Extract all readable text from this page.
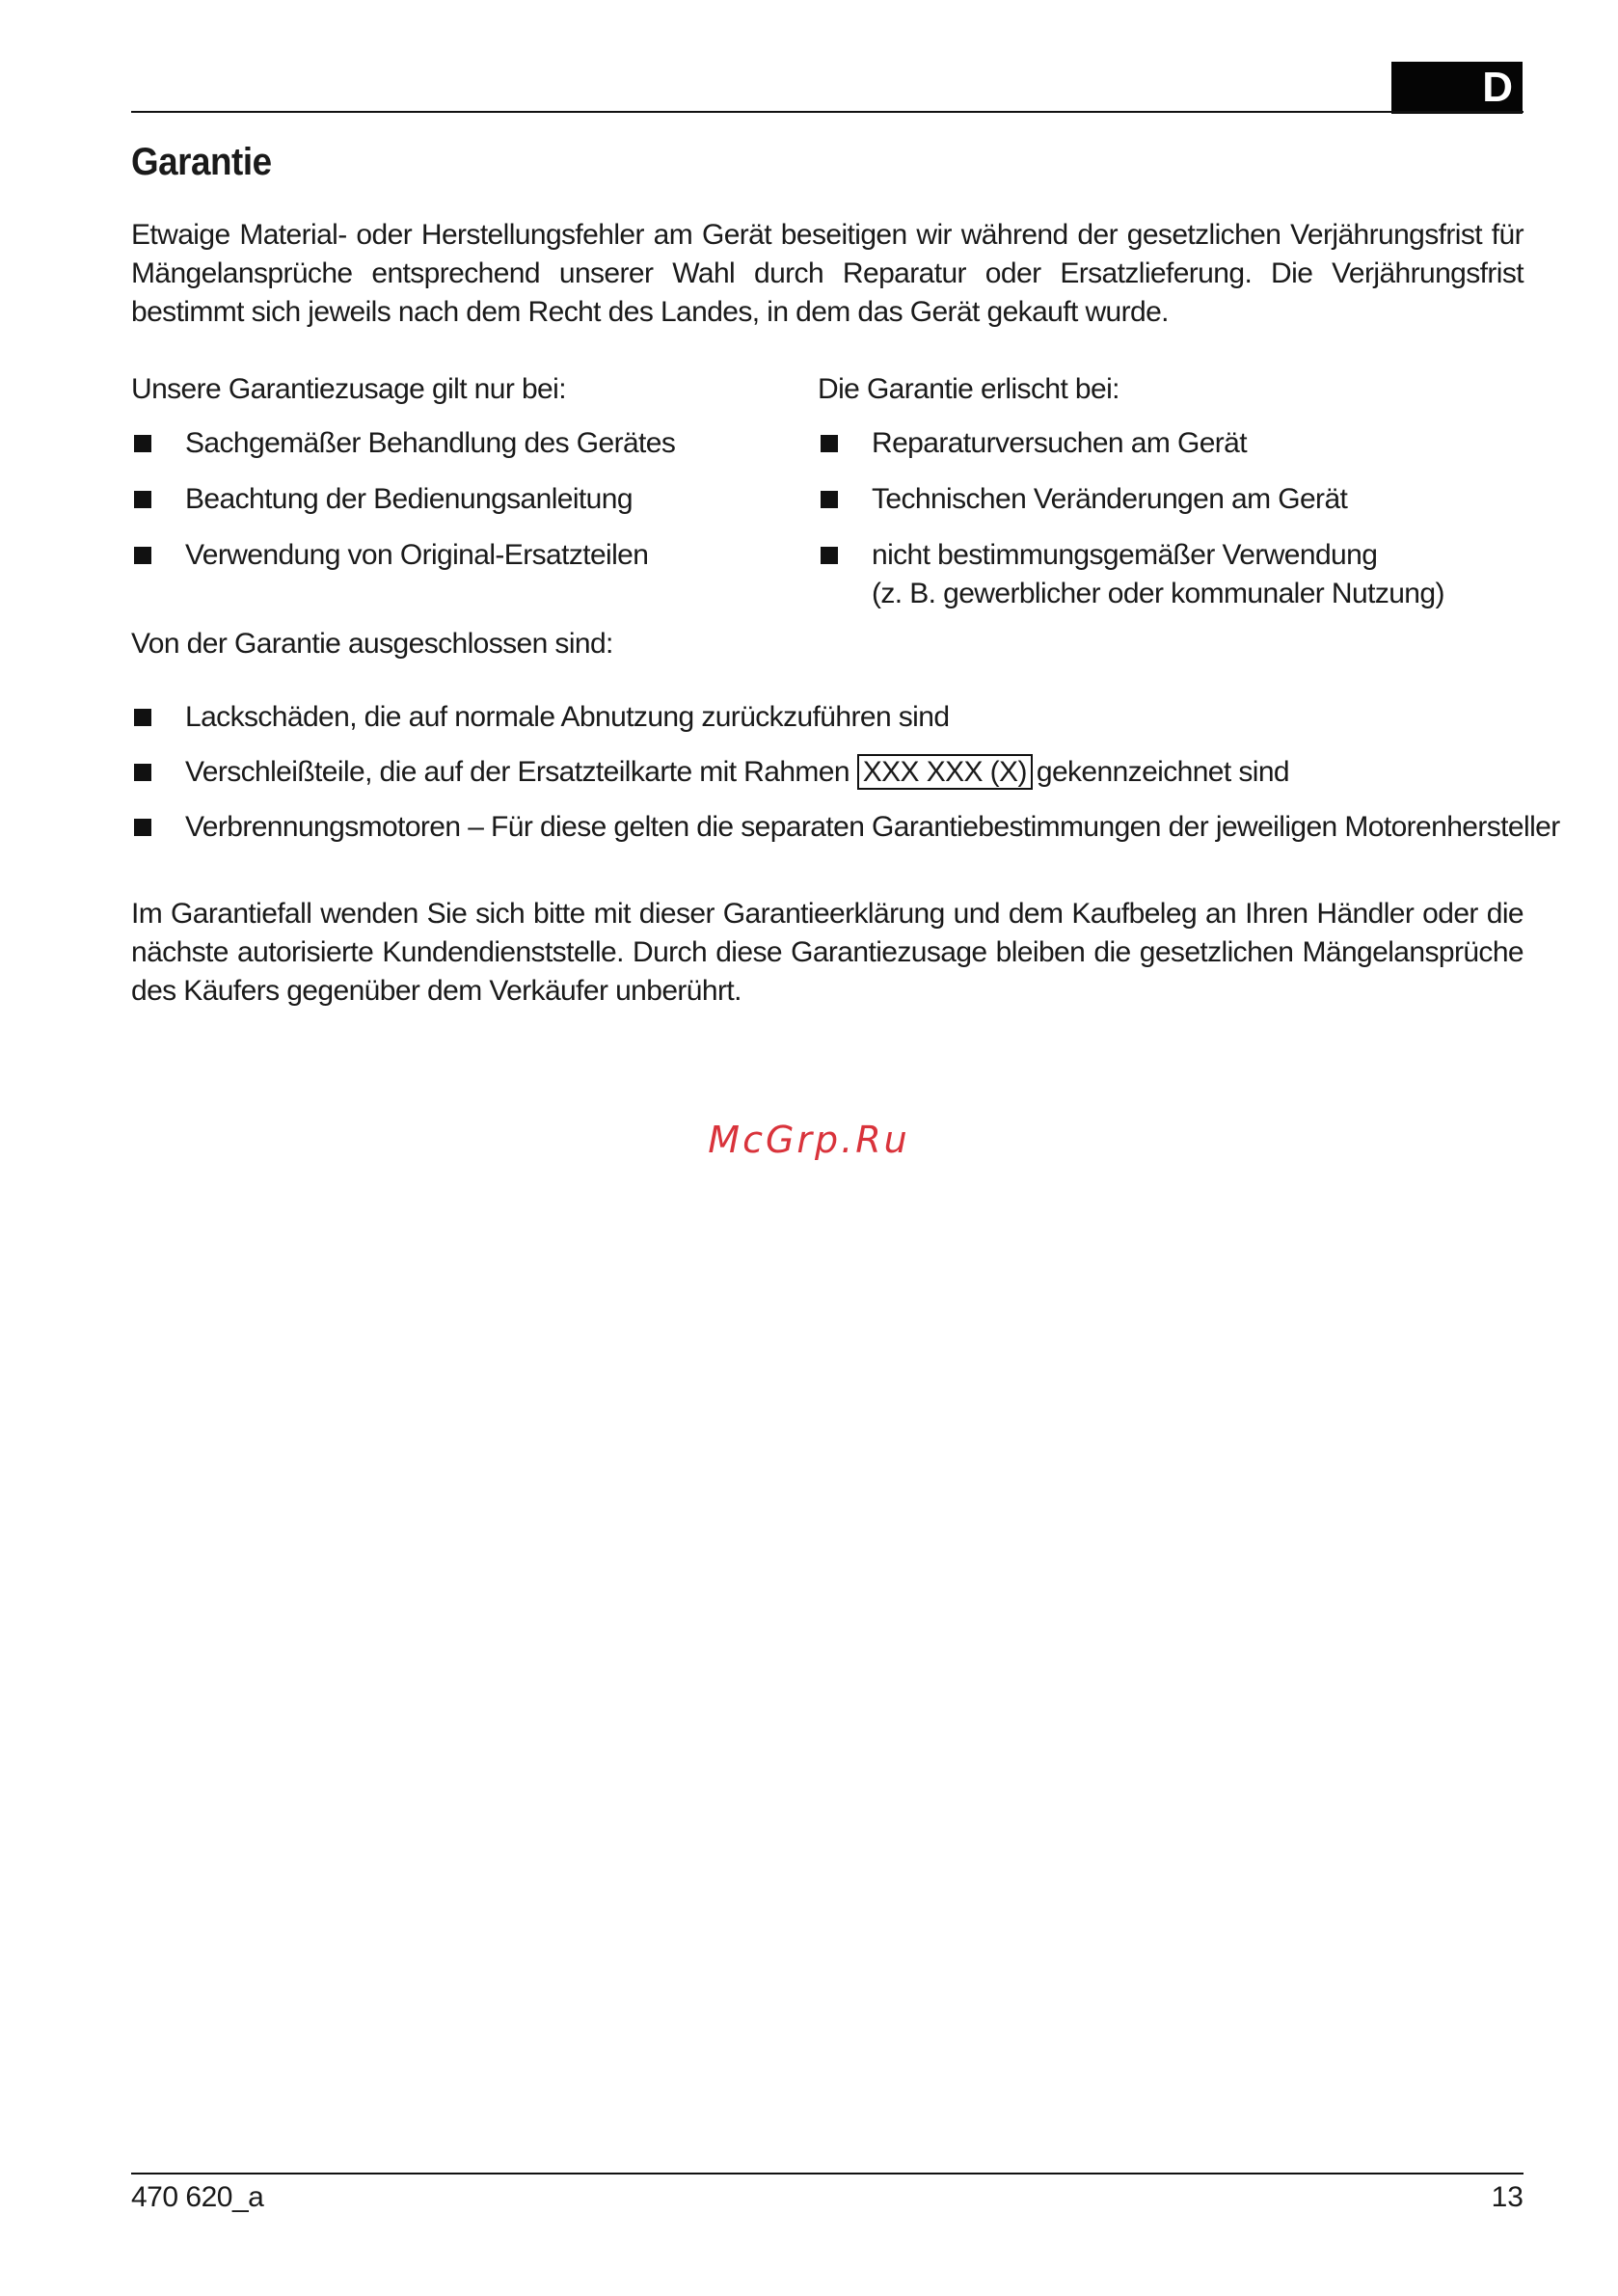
D
Garantie
Etwaige Material- oder Herstellungsfehler am Gerät beseitigen wir während der gesetzlichen Verjährungsfrist für Mängelansprüche entsprechend unserer Wahl durch Reparatur oder Ersatzlieferung. Die Verjährungsfrist bestimmt sich jeweils nach dem Recht des Landes, in dem das Gerät gekauft wurde.
Unsere Garantiezusage gilt nur bei:
Sachgemäßer Behandlung des Gerätes
Beachtung der Bedienungsanleitung
Verwendung von Original-Ersatzteilen
Die Garantie erlischt bei:
Reparaturversuchen am Gerät
Technischen Veränderungen am Gerät
nicht bestimmungsgemäßer Verwendung
(z. B. gewerblicher oder kommunaler Nutzung)
Von der Garantie ausgeschlossen sind:
Lackschäden, die auf normale Abnutzung zurückzuführen sind
Verschleißteile, die auf der Ersatzteilkarte mit Rahmen XXX XXX (X) gekennzeichnet sind
Verbrennungsmotoren – Für diese gelten die separaten Garantiebestimmungen der jeweiligen Motorenhersteller
Im Garantiefall wenden Sie sich bitte mit dieser Garantieerklärung und dem Kaufbeleg an Ihren Händler oder die nächste autorisierte Kundendienststelle. Durch diese Garantiezusage bleiben die gesetzlichen Mängelansprüche des Käufers gegenüber dem Verkäufer unberührt.
McGrp.Ru
470 620_a	13
